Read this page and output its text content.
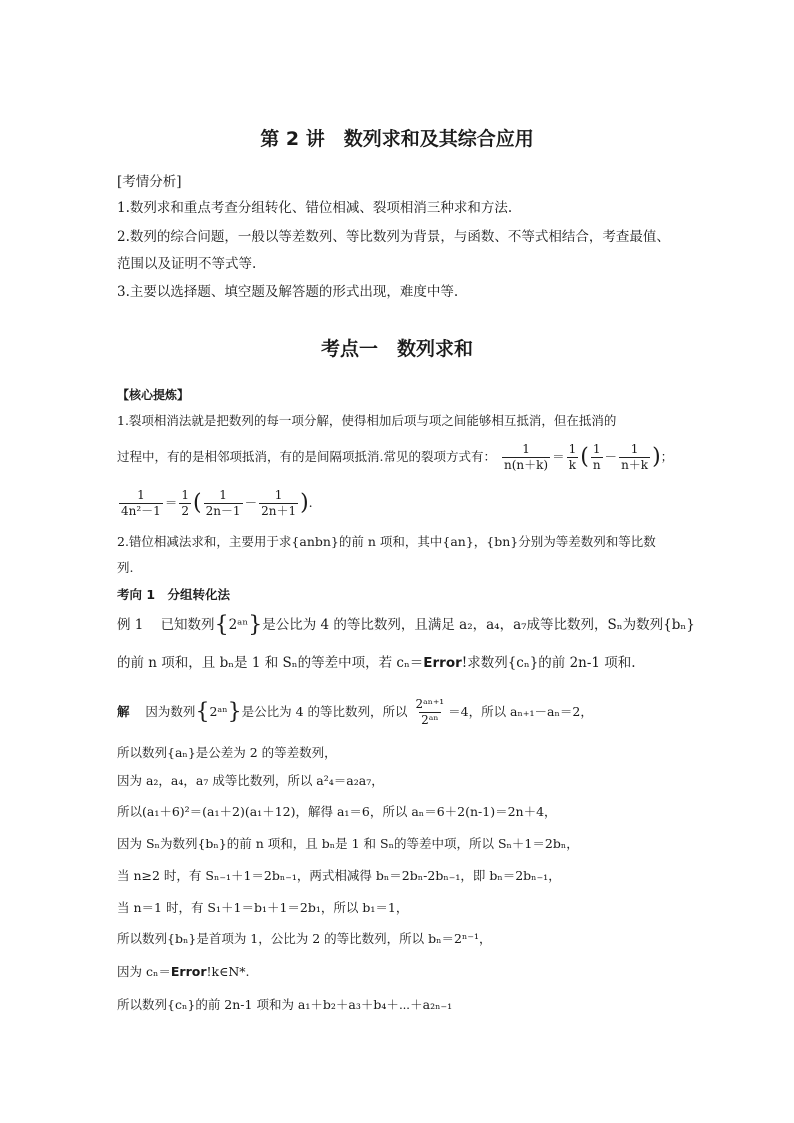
第 2 讲　数列求和及其综合应用
[考情分析]
1.数列求和重点考查分组转化、错位相减、裂项相消三种求和方法.
2.数列的综合问题，一般以等差数列、等比数列为背景，与函数、不等式相结合，考查最值、
范围以及证明不等式等.
3.主要以选择题、填空题及解答题的形式出现，难度中等.
考点一　数列求和
【核心提炼】
1.裂项相消法就是把数列的每一项分解，使得相加后项与项之间能够相互抵消，但在抵消的
过程中，有的是相邻项抵消，有的是间隔项抵消.常见的裂项方式有： $\frac{1}{n(n+k)} = \frac{1}{k}$ ( $\frac{1}{n} - \frac{1}{n+k}$ )；
$\frac{1}{\text{4n²－1}} = \frac{1}{2}$ ( $\frac{1}{2n-1} - \frac{1}{2n+1}$ ).
2.错位相减法求和，主要用于求{anbn}的前 n 项和，其中{an}，{bn}分别为等差数列和等比数
列.
考向 1　分组转化法
例 1 已知数列{2ᵃⁿ}是公比为 4 的等比数列，且满足 a₂，a₄，a₇成等比数列，Sₙ为数列{bₙ}
的前 n 项和，且 bₙ是 1 和 Sₙ的等差中项，若 cₙ＝Error!求数列{cₙ}的前 2n-1 项和.
解 因为数列{2ᵃⁿ}是公比为 4 的等比数列，所以 $\frac{\text{2ᵃⁿ⁺¹}}{\text{2ᵃⁿ}} =4$，所以 aₙ₊₁－aₙ＝2，
所以数列{aₙ}是公差为 2 的等差数列，
因为 a₂，a₄，a₇ 成等比数列，所以 a²₄＝a₂a₇，
所以(a₁＋6)²＝(a₁＋2)(a₁＋12)，解得 a₁＝6，所以 aₙ＝6＋2(n-1)＝2n＋4，
因为 Sₙ为数列{bₙ}的前 n 项和，且 bₙ是 1 和 Sₙ的等差中项，所以 Sₙ＋1＝2bₙ，
当 n≥2 时，有 Sₙ₋₁＋1＝2bₙ₋₁，两式相减得 bₙ＝2bₙ-2bₙ₋₁，即 bₙ＝2bₙ₋₁，
当 n＝1 时，有 S₁＋1＝b₁＋1＝2b₁，所以 b₁＝1，
所以数列{bₙ}是首项为 1，公比为 2 的等比数列，所以 bₙ＝2ⁿ⁻¹，
因为 cₙ＝Error!k∈N*.
所以数列{cₙ}的前 2n-1 项和为 a₁＋b₂＋a₃＋b₄＋⋯＋a₂ₙ₋₁
